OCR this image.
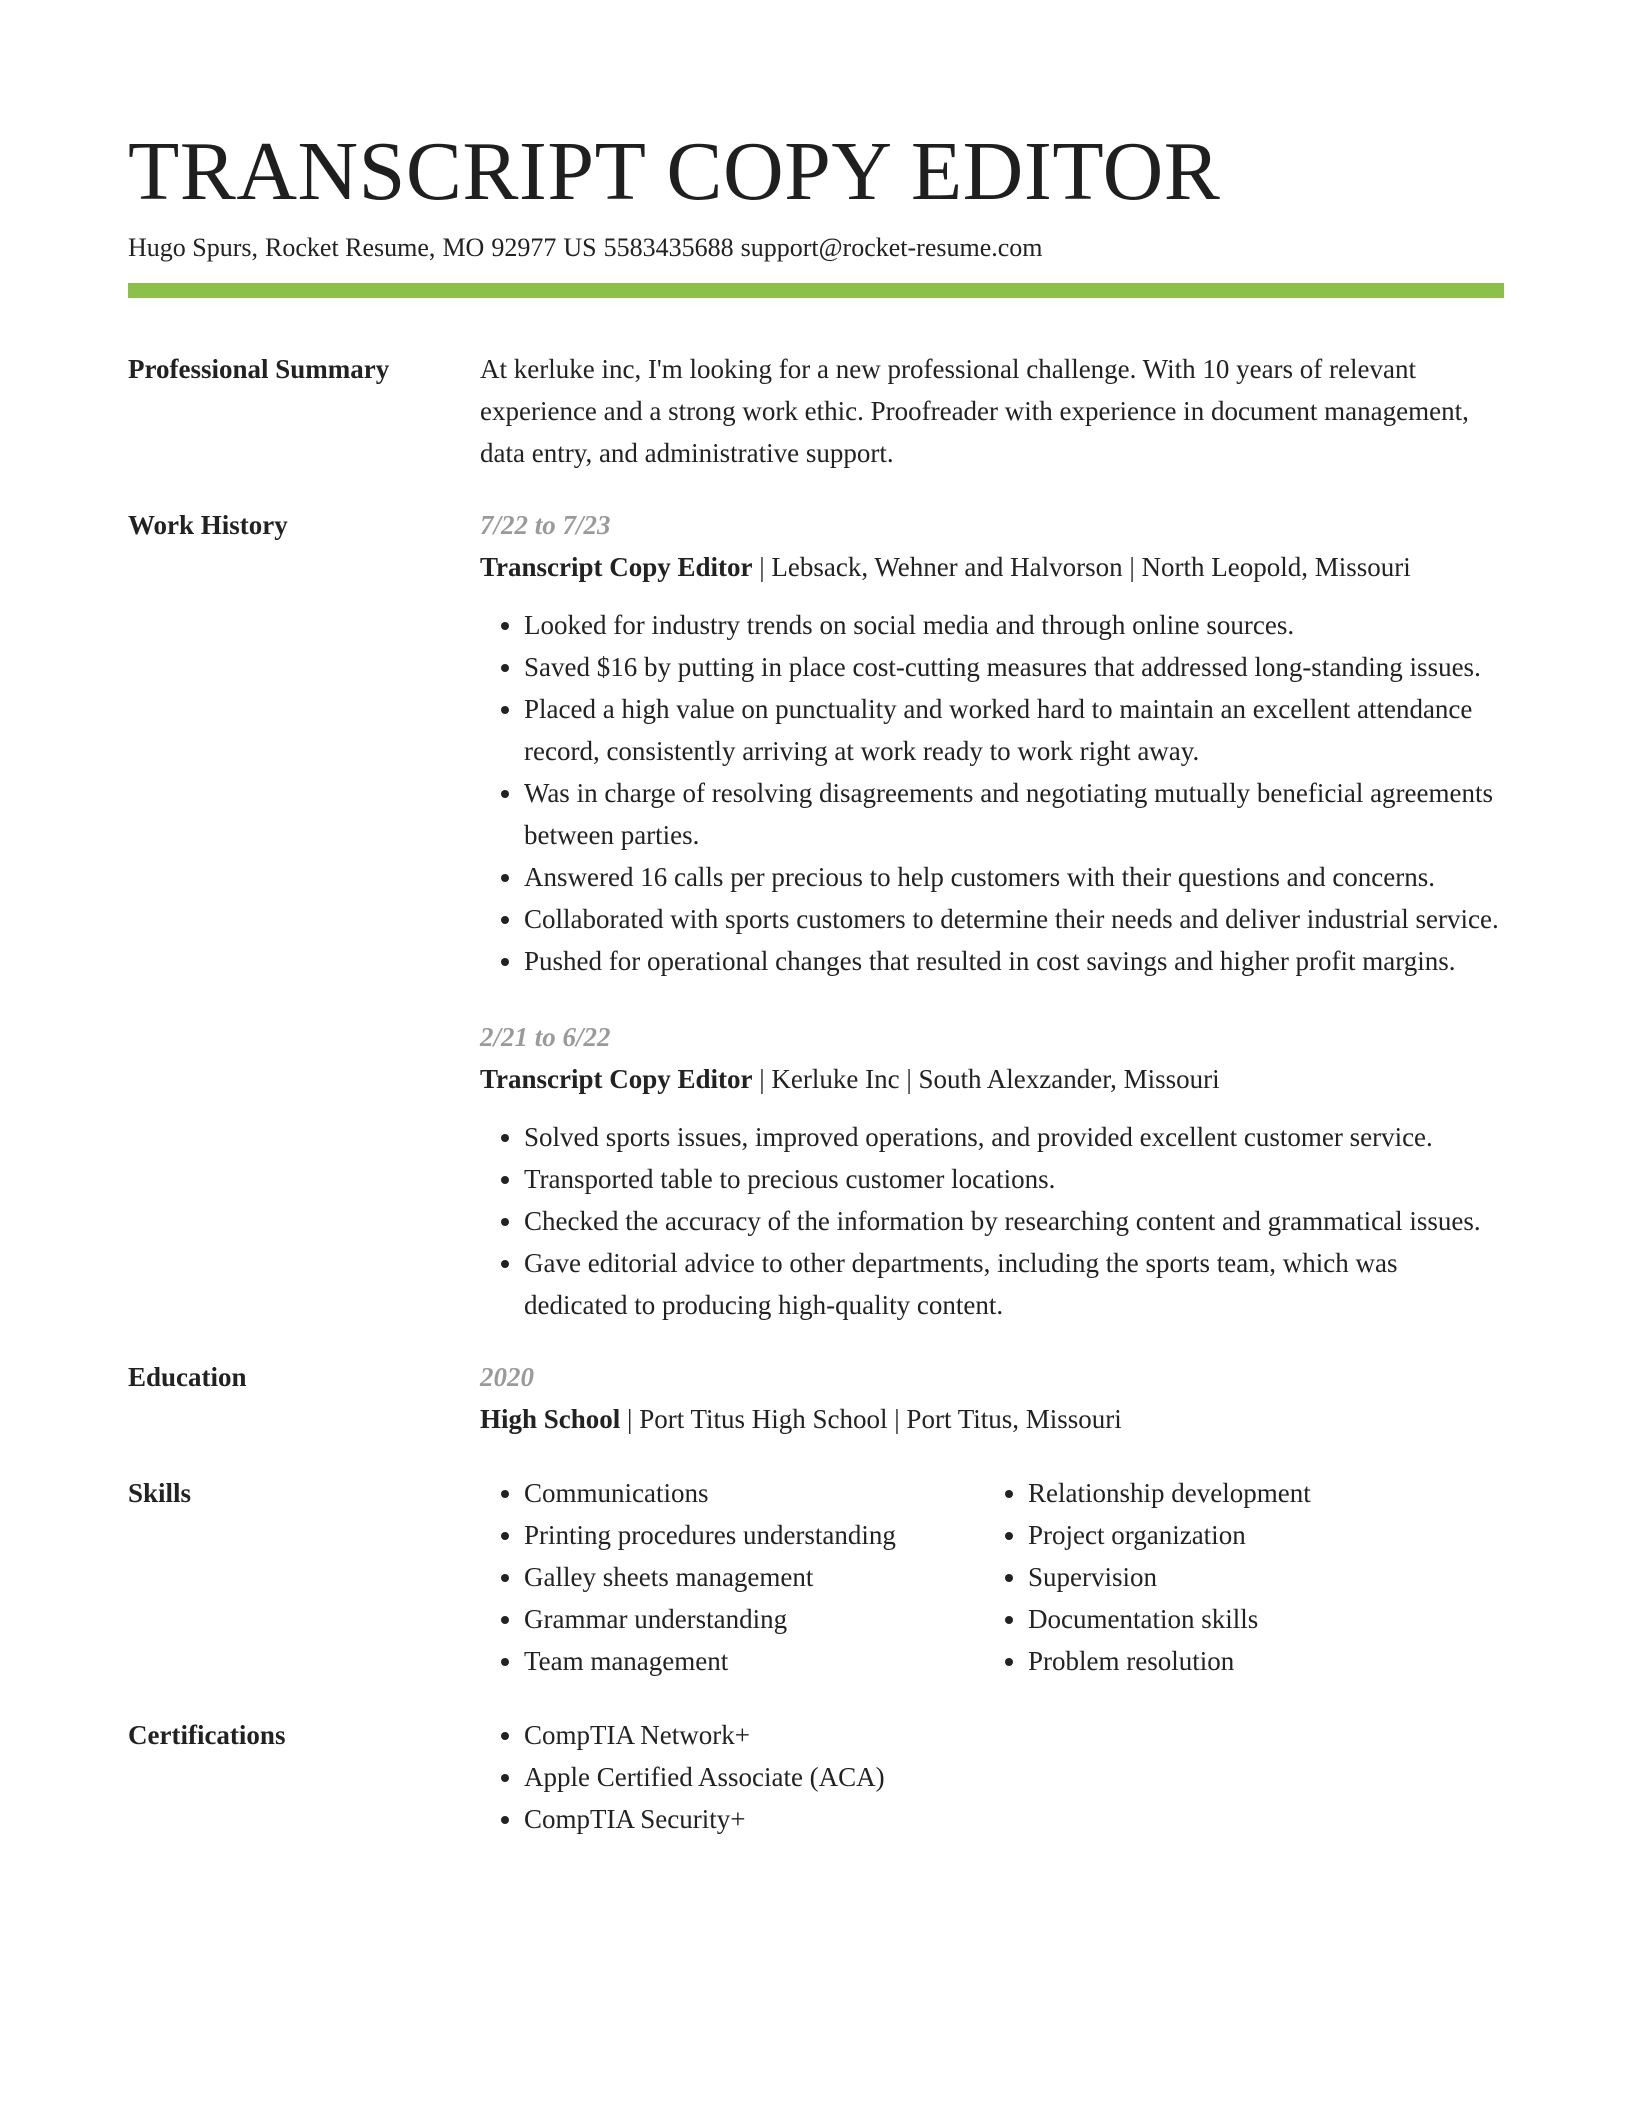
TRANSCRIPT COPY EDITOR
Hugo Spurs, Rocket Resume, MO 92977 US 5583435688 support@rocket-resume.com
Professional Summary	At kerluke inc, I'm looking for a new professional challenge. With 10 years of relevant experience and a strong work ethic. Proofreader with experience in document management, data entry, and administrative support.

Work History	7/22 to 7/23
Transcript Copy Editor | Lebsack, Wehner and Halvorson | North Leopold, Missouri
• Looked for industry trends on social media and through online sources.
• Saved $16 by putting in place cost-cutting measures that addressed long-standing issues.
• Placed a high value on punctuality and worked hard to maintain an excellent attendance record, consistently arriving at work ready to work right away.
• Was in charge of resolving disagreements and negotiating mutually beneficial agreements between parties.
• Answered 16 calls per precious to help customers with their questions and concerns.
• Collaborated with sports customers to determine their needs and deliver industrial service.
• Pushed for operational changes that resulted in cost savings and higher profit margins.
2/21 to 6/22
Transcript Copy Editor | Kerluke Inc | South Alexzander, Missouri
• Solved sports issues, improved operations, and provided excellent customer service.
• Transported table to precious customer locations.
• Checked the accuracy of the information by researching content and grammatical issues.
• Gave editorial advice to other departments, including the sports team, which was dedicated to producing high-quality content.
Education	2020
High School | Port Titus High School | Port Titus, Missouri
Skills	• Communications
• Printing procedures understanding
• Galley sheets management
• Grammar understanding
• Team management
• Relationship development
• Project organization
• Supervision
• Documentation skills
• Problem resolution
Certifications	• CompTIA Network+
• Apple Certified Associate (ACA)
• CompTIA Security+
